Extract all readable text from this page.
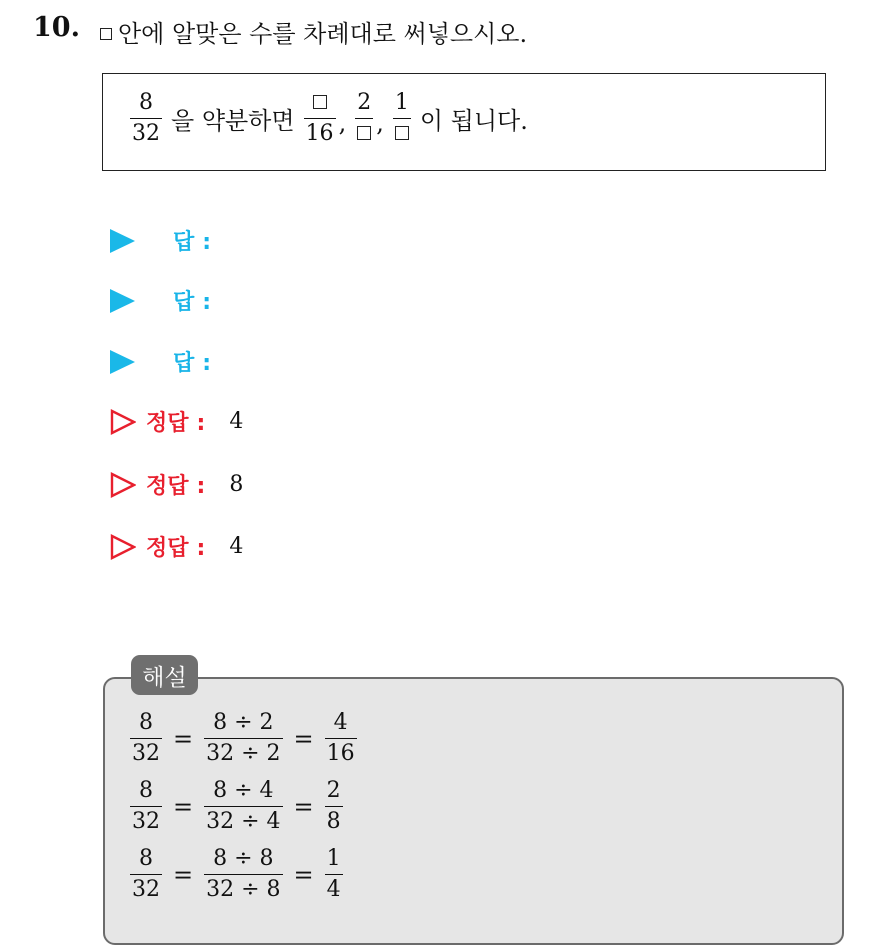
10.	안에 알맞은 수를 차례대로 써넣으시오.
$\frac{8}{32}$ 을 약분하면 16 ,
2
,
1
이 됩니다.
답 :
답 :
답 :
정답 : 4
정답 : 8
정답 : 4
해설
$\frac{8}{32} = \frac{8 \div 2}{32 \div 2} = \frac{4}{16}$
$\frac{8}{32} = \frac{8 \div 4}{32 \div 4} = \frac{2}{8}$
$\frac{8}{32} = \frac{8 \div 8}{32 \div 8} = \frac{1}{4}$
